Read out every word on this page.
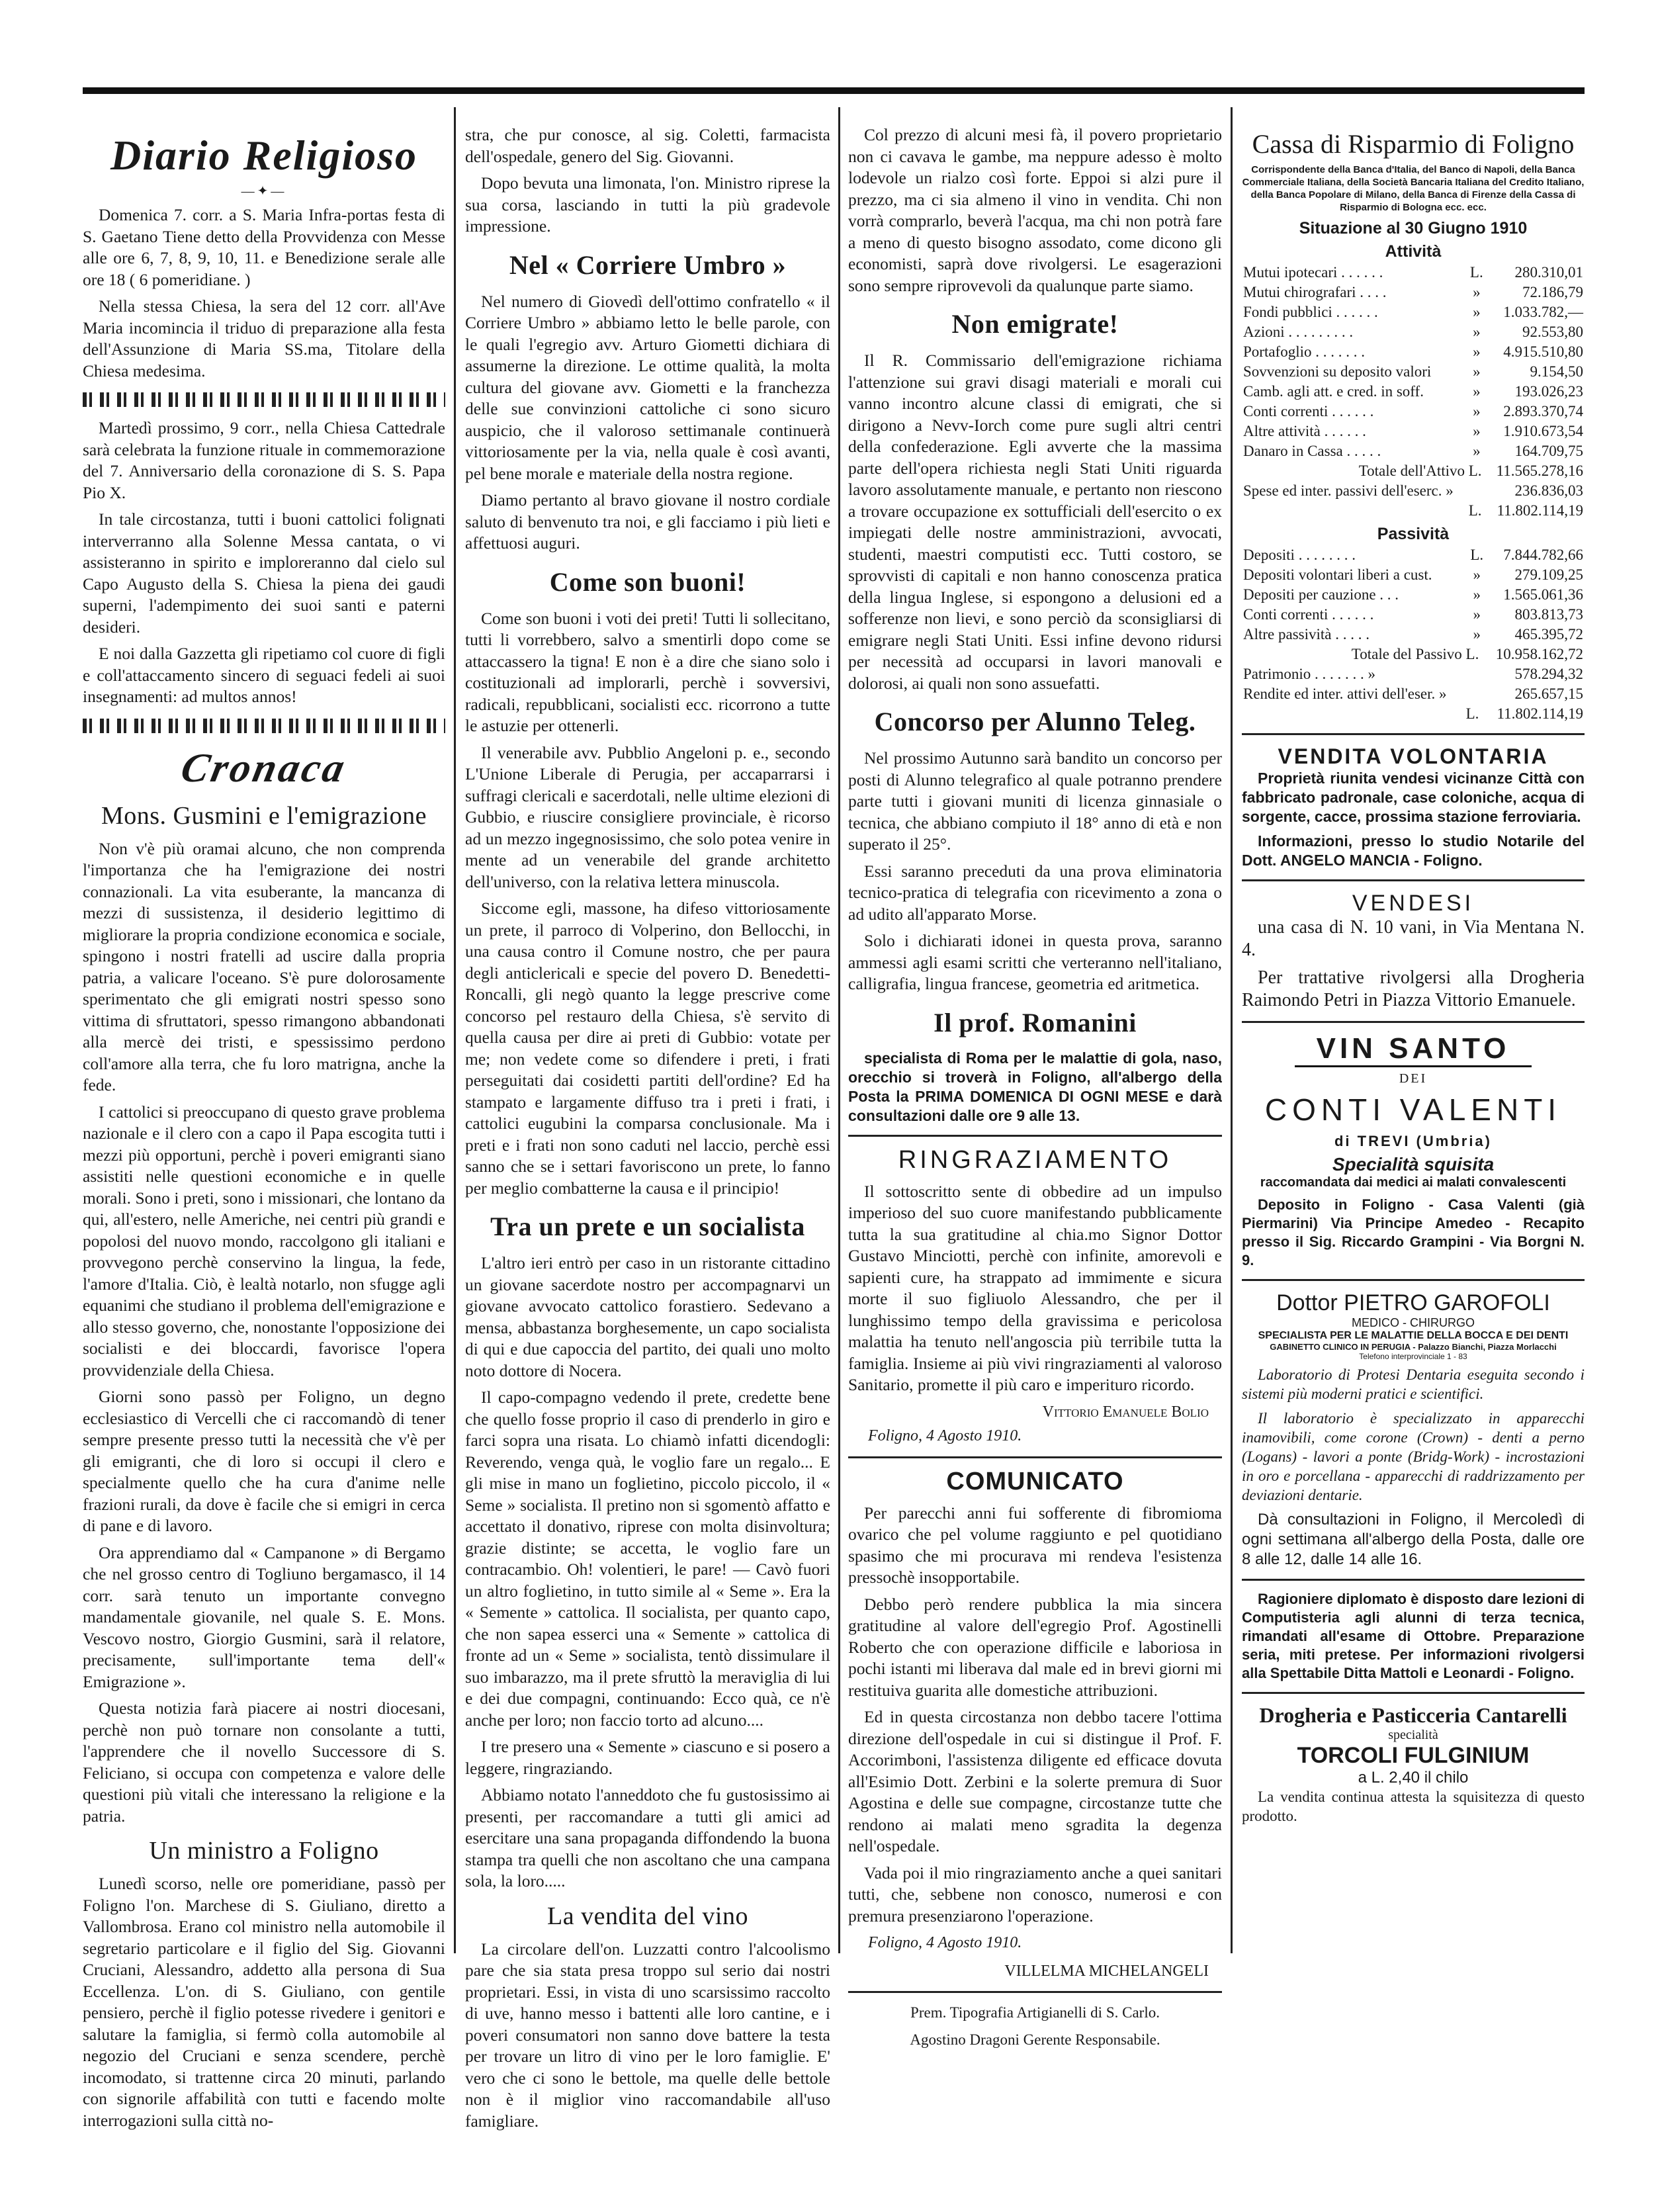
Diario Religioso
—✦—

Domenica 7. corr. a S. Maria Infra-portas festa di S. Gaetano Tiene detto della Provvidenza con Messe alle ore 6, 7, 8, 9, 10, 11. e Benedizione serale alle ore 18 ( 6 pomeridiane. )

Nella stessa Chiesa, la sera del 12 corr. all'Ave Maria incomincia il triduo di preparazione alla festa dell'Assunzione di Maria SS.ma, Titolare della Chiesa medesima.

Martedì prossimo, 9 corr., nella Chiesa Cattedrale sarà celebrata la funzione rituale in commemorazione del 7. Anniversario della coronazione di S. S. Papa Pio X.

In tale circostanza, tutti i buoni cattolici folignati interverranno alla Solenne Messa cantata, o vi assisteranno in spirito e imploreranno dal cielo sul Capo Augusto della S. Chiesa la piena dei gaudi superni, l'adempimento dei suoi santi e paterni desideri.

E noi dalla Gazzetta gli ripetiamo col cuore di figli e coll'attaccamento sincero di seguaci fedeli ai suoi insegnamenti: ad multos annos!

Cronaca
Mons. Gusmini e l'emigrazione

Non v'è più oramai alcuno, che non comprenda l'importanza che ha l'emigrazione dei nostri connazionali. La vita esuberante, la mancanza di mezzi di sussistenza, il desiderio legittimo di migliorare la propria condizione economica e sociale, spingono i nostri fratelli ad uscire dalla propria patria, a valicare l'oceano. S'è pure dolorosamente sperimentato che gli emigrati nostri spesso sono vittima di sfruttatori, spesso rimangono abbandonati alla mercè dei tristi, e spessissimo perdono coll'amore alla terra, che fu loro matrigna, anche la fede.

I cattolici si preoccupano di questo grave problema nazionale e il clero con a capo il Papa escogita tutti i mezzi più opportuni, perchè i poveri emigranti siano assistiti nelle questioni economiche e in quelle morali. Sono i preti, sono i missionari, che lontano da qui, all'estero, nelle Americhe, nei centri più grandi e popolosi del nuovo mondo, raccolgono gli italiani e provvegono perchè conservino la lingua, la fede, l'amore d'Italia. Ciò, è lealtà notarlo, non sfugge agli equanimi che studiano il problema dell'emigrazione e allo stesso governo, che, nonostante l'opposizione dei socialisti e dei bloccardi, favorisce l'opera provvidenziale della Chiesa.

Giorni sono passò per Foligno, un degno ecclesiastico di Vercelli che ci raccomandò di tener sempre presente presso tutti la necessità che v'è per gli emigranti, che di loro si occupi il clero e specialmente quello che ha cura d'anime nelle frazioni rurali, da dove è facile che si emigri in cerca di pane e di lavoro.

Ora apprendiamo dal « Campanone » di Bergamo che nel grosso centro di Togliuno bergamasco, il 14 corr. sarà tenuto un importante convegno mandamentale giovanile, nel quale S. E. Mons. Vescovo nostro, Giorgio Gusmini, sarà il relatore, precisamente, sull'importante tema dell'« Emigrazione ».

Questa notizia farà piacere ai nostri diocesani, perchè non può tornare non consolante a tutti, l'apprendere che il novello Successore di S. Feliciano, si occupa con competenza e valore delle questioni più vitali che interessano la religione e la patria.

Un ministro a Foligno

Lunedì scorso, nelle ore pomeridiane, passò per Foligno l'on. Marchese di S. Giuliano, diretto a Vallombrosa. Erano col ministro nella automobile il segretario particolare e il figlio del Sig. Giovanni Cruciani, Alessandro, addetto alla persona di Sua Eccellenza. L'on. di S. Giuliano, con gentile pensiero, perchè il figlio potesse rivedere i genitori e salutare la famiglia, si fermò colla automobile al negozio del Cruciani e senza scendere, perchè incomodato, si trattenne circa 20 minuti, parlando con signorile affabilità con tutti e facendo molte interrogazioni sulla città no-

stra, che pur conosce, al sig. Coletti, farmacista dell'ospedale, genero del Sig. Giovanni.

Dopo bevuta una limonata, l'on. Ministro riprese la sua corsa, lasciando in tutti la più gradevole impressione.

Nel « Corriere Umbro »

Nel numero di Giovedì dell'ottimo confratello « il Corriere Umbro » abbiamo letto le belle parole, con le quali l'egregio avv. Arturo Giometti dichiara di assumerne la direzione. Le ottime qualità, la molta cultura del giovane avv. Giometti e la franchezza delle sue convinzioni cattoliche ci sono sicuro auspicio, che il valoroso settimanale continuerà vittoriosamente per la via, nella quale è così avanti, pel bene morale e materiale della nostra regione.

Diamo pertanto al bravo giovane il nostro cordiale saluto di benvenuto tra noi, e gli facciamo i più lieti e affettuosi auguri.

Come son buoni!

Come son buoni i voti dei preti! Tutti li sollecitano, tutti li vorrebbero, salvo a smentirli dopo come se attaccassero la tigna! E non è a dire che siano solo i costituzionali ad implorarli, perchè i sovversivi, radicali, repubblicani, socialisti ecc. ricorrono a tutte le astuzie per ottenerli.

Il venerabile avv. Pubblio Angeloni p. e., secondo L'Unione Liberale di Perugia, per accaparrarsi i suffragi clericali e sacerdotali, nelle ultime elezioni di Gubbio, e riuscire consigliere provinciale, è ricorso ad un mezzo ingegnosissimo, che solo potea venire in mente ad un venerabile del grande architetto dell'universo, con la relativa lettera minuscola.

Siccome egli, massone, ha difeso vittoriosamente un prete, il parroco di Volperino, don Bellocchi, in una causa contro il Comune nostro, che per paura degli anticlericali e specie del povero D. Benedetti-Roncalli, gli negò quanto la legge prescrive come concorso pel restauro della Chiesa, s'è servito di quella causa per dire ai preti di Gubbio: votate per me; non vedete come so difendere i preti, i frati perseguitati dai cosidetti partiti dell'ordine? Ed ha stampato e largamente diffuso tra i preti i frati, i cattolici eugubini la comparsa conclusionale. Ma i preti e i frati non sono caduti nel laccio, perchè essi sanno che se i settari favoriscono un prete, lo fanno per meglio combatterne la causa e il principio!

Tra un prete e un socialista

L'altro ieri entrò per caso in un ristorante cittadino un giovane sacerdote nostro per accompagnarvi un giovane avvocato cattolico forastiero. Sedevano a mensa, abbastanza borghesemente, un capo socialista di qui e due capoccia del partito, dei quali uno molto noto dottore di Nocera.

Il capo-compagno vedendo il prete, credette bene che quello fosse proprio il caso di prenderlo in giro e farci sopra una risata. Lo chiamò infatti dicendogli: Reverendo, venga quà, le voglio fare un regalo... E gli mise in mano un foglietino, piccolo piccolo, il « Seme » socialista. Il pretino non si sgomentò affatto e accettato il donativo, riprese con molta disinvoltura; grazie distinte; se accetta, le voglio fare un contracambio. Oh! volentieri, le pare! — Cavò fuori un altro foglietino, in tutto simile al « Seme ». Era la « Semente » cattolica. Il socialista, per quanto capo, che non sapea esserci una « Semente » cattolica di fronte ad un « Seme » socialista, tentò dissimulare il suo imbarazzo, ma il prete sfruttò la meraviglia di lui e dei due compagni, continuando: Ecco quà, ce n'è anche per loro; non faccio torto ad alcuno....

I tre presero una « Semente » ciascuno e si posero a leggere, ringraziando.

Abbiamo notato l'anneddoto che fu gustosissimo ai presenti, per raccomandare a tutti gli amici ad esercitare una sana propaganda diffondendo la buona stampa tra quelli che non ascoltano che una campana sola, la loro.....

La vendita del vino

La circolare dell'on. Luzzatti contro l'alcoolismo pare che sia stata presa troppo sul serio dai nostri proprietari. Essi, in vista di uno scarsissimo raccolto di uve, hanno messo i battenti alle loro cantine, e i poveri consumatori non sanno dove battere la testa per trovare un litro di vino per le loro famiglie. E' vero che ci sono le bettole, ma quelle delle bettole non è il miglior vino raccomandabile all'uso famigliare.

Col prezzo di alcuni mesi fà, il povero proprietario non ci cavava le gambe, ma neppure adesso è molto lodevole un rialzo così forte. Eppoi si alzi pure il prezzo, ma ci sia almeno il vino in vendita. Chi non vorrà comprarlo, beverà l'acqua, ma chi non potrà fare a meno di questo bisogno assodato, come dicono gli economisti, saprà dove rivolgersi. Le esagerazioni sono sempre riprovevoli da qualunque parte siamo.

Non emigrate!

Il R. Commissario dell'emigrazione richiama l'attenzione sui gravi disagi materiali e morali cui vanno incontro alcune classi di emigrati, che si dirigono a Nevv-Iorch come pure sugli altri centri della confederazione. Egli avverte che la massima parte dell'opera richiesta negli Stati Uniti riguarda lavoro assolutamente manuale, e pertanto non riescono a trovare occupazione ex sottufficiali dell'esercito o ex impiegati delle nostre amministrazioni, avvocati, studenti, maestri computisti ecc. Tutti costoro, se sprovvisti di capitali e non hanno conoscenza pratica della lingua Inglese, si espongono a delusioni ed a sofferenze non lievi, e sono perciò da sconsigliarsi di emigrare negli Stati Uniti. Essi infine devono ridursi per necessità ad occuparsi in lavori manovali e dolorosi, ai quali non sono assuefatti.

Concorso per Alunno Teleg.

Nel prossimo Autunno sarà bandito un concorso per posti di Alunno telegrafico al quale potranno prendere parte tutti i giovani muniti di licenza ginnasiale o tecnica, che abbiano compiuto il 18° anno di età e non superato il 25°.

Essi saranno preceduti da una prova eliminatoria tecnico-pratica di telegrafia con ricevimento a zona o ad udito all'apparato Morse.

Solo i dichiarati idonei in questa prova, saranno ammessi agli esami scritti che verteranno nell'italiano, calligrafia, lingua francese, geometria ed aritmetica.

Il prof. Romanini

specialista di Roma per le malattie di gola, naso, orecchio si troverà in Foligno, all'albergo della Posta la PRIMA DOMENICA DI OGNI MESE e darà consultazioni dalle ore 9 alle 13.

RINGRAZIAMENTO

Il sottoscritto sente di obbedire ad un impulso imperioso del suo cuore manifestando pubblicamente tutta la sua gratitudine al chia.mo Signor Dottor Gustavo Minciotti, perchè con infinite, amorevoli e sapienti cure, ha strappato ad immimente e sicura morte il suo figliuolo Alessandro, che per il lunghissimo tempo della gravissima e pericolosa malattia ha tenuto nell'angoscia più terribile tutta la famiglia. Insieme ai più vivi ringraziamenti al valoroso Sanitario, promette il più caro e imperituro ricordo.

Vittorio Emanuele Bolio

Foligno, 4 Agosto 1910.

COMUNICATO

Per parecchi anni fui sofferente di fibromioma ovarico che pel volume raggiunto e pel quotidiano spasimo che mi procurava mi rendeva l'esistenza pressochè insopportabile.

Debbo però rendere pubblica la mia sincera gratitudine al valore dell'egregio Prof. Agostinelli Roberto che con operazione difficile e laboriosa in pochi istanti mi liberava dal male ed in brevi giorni mi restituiva guarita alle domestiche attribuzioni.

Ed in questa circostanza non debbo tacere l'ottima direzione dell'ospedale in cui si distingue il Prof. F. Accorimboni, l'assistenza diligente ed efficace dovuta all'Esimio Dott. Zerbini e la solerte premura di Suor Agostina e delle sue compagne, circostanze tutte che rendono ai malati meno sgradita la degenza nell'ospedale.

Vada poi il mio ringraziamento anche a quei sanitari tutti, che, sebbene non conosco, numerosi e con premura presenziarono l'operazione.

Foligno, 4 Agosto 1910.

VILLELMA MICHELANGELI

Prem. Tipografia Artigianelli di S. Carlo.

Agostino Dragoni Gerente Responsabile.

Cassa di Risparmio di Foligno

Corrispondente della Banca d'Italia, del Banco di Napoli, della Banca Commerciale Italiana, della Società Bancaria Italiana del Credito Italiano, della Banca Popolare di Milano, della Banca di Firenze della Cassa di Risparmio di Bologna ecc. ecc.

Situazione al 30 Giugno 1910
Attività
Mutui ipotecari . . . . . .	L.	280.310,01
Mutui chirografari . . . .	»	72.186,79
Fondi pubblici . . . . . .	»	1.033.782,—
Azioni . . . . . . . . .	»	92.553,80
Portafoglio . . . . . . .	»	4.915.510,80
Sovvenzioni su deposito valori	»	9.154,50
Camb. agli att. e cred. in soff.	»	193.026,23
Conti correnti . . . . . .	»	2.893.370,74
Altre attività . . . . . .	»	1.910.673,54
Danaro in Cassa . . . . .	»	164.709,75
Totale dell'Attivo L.	11.565.278,16
Spese ed inter. passivi dell'eserc. »	236.836,03
L.	11.802.114,19
Passività
Depositi . . . . . . . .	L.	7.844.782,66
Depositi volontari liberi a cust.	»	279.109,25
Depositi per cauzione . . .	»	1.565.061,36
Conti correnti . . . . . .	»	803.813,73
Altre passività . . . . .	»	465.395,72
Totale del Passivo L.	10.958.162,72
Patrimonio . . . . . . . »	578.294,32
Rendite ed inter. attivi dell'eser. »	265.657,15
L.	11.802.114,19
VENDITA VOLONTARIA

Proprietà riunita vendesi vicinanze Città con fabbricato padronale, case coloniche, acqua di sorgente, cacce, prossima stazione ferroviaria.

Informazioni, presso lo studio Notarile del Dott. ANGELO MANCIA - Foligno.

VENDESI

una casa di N. 10 vani, in Via Mentana N. 4.

Per trattative rivolgersi alla Drogheria Raimondo Petri in Piazza Vittorio Emanuele.

VIN SANTO
DEI
CONTI VALENTI
di TREVI (Umbria)
Specialità squisita
raccomandata dai medici ai malati convalescenti

Deposito in Foligno - Casa Valenti (già Piermarini) Via Principe Amedeo - Recapito presso il Sig. Riccardo Grampini - Via Borgni N. 9.

Dottor PIETRO GAROFOLI
MEDICO - CHIRURGO
SPECIALISTA PER LE MALATTIE DELLA BOCCA E DEI DENTI
GABINETTO CLINICO IN PERUGIA - Palazzo Bianchi, Piazza Morlacchi
Telefono interprovinciale 1 - 83

Laboratorio di Protesi Dentaria eseguita secondo i sistemi più moderni pratici e scientifici.

Il laboratorio è specializzato in apparecchi inamovibili, come corone (Crown) - denti a perno (Logans) - lavori a ponte (Bridg-Work) - incrostazioni in oro e porcellana - apparecchi di raddrizzamento per deviazioni dentarie.

Dà consultazioni in Foligno, il Mercoledì di ogni settimana all'albergo della Posta, dalle ore 8 alle 12, dalle 14 alle 16.

Ragioniere diplomato è disposto dare lezioni di Computisteria agli alunni di terza tecnica, rimandati all'esame di Ottobre. Preparazione seria, miti pretese. Per informazioni rivolgersi alla Spettabile Ditta Mattoli e Leonardi - Foligno.

Drogheria e Pasticceria Cantarelli
specialità
TORCOLI FULGINIUM
a L. 2,40 il chilo

La vendita continua attesta la squisitezza di questo prodotto.
